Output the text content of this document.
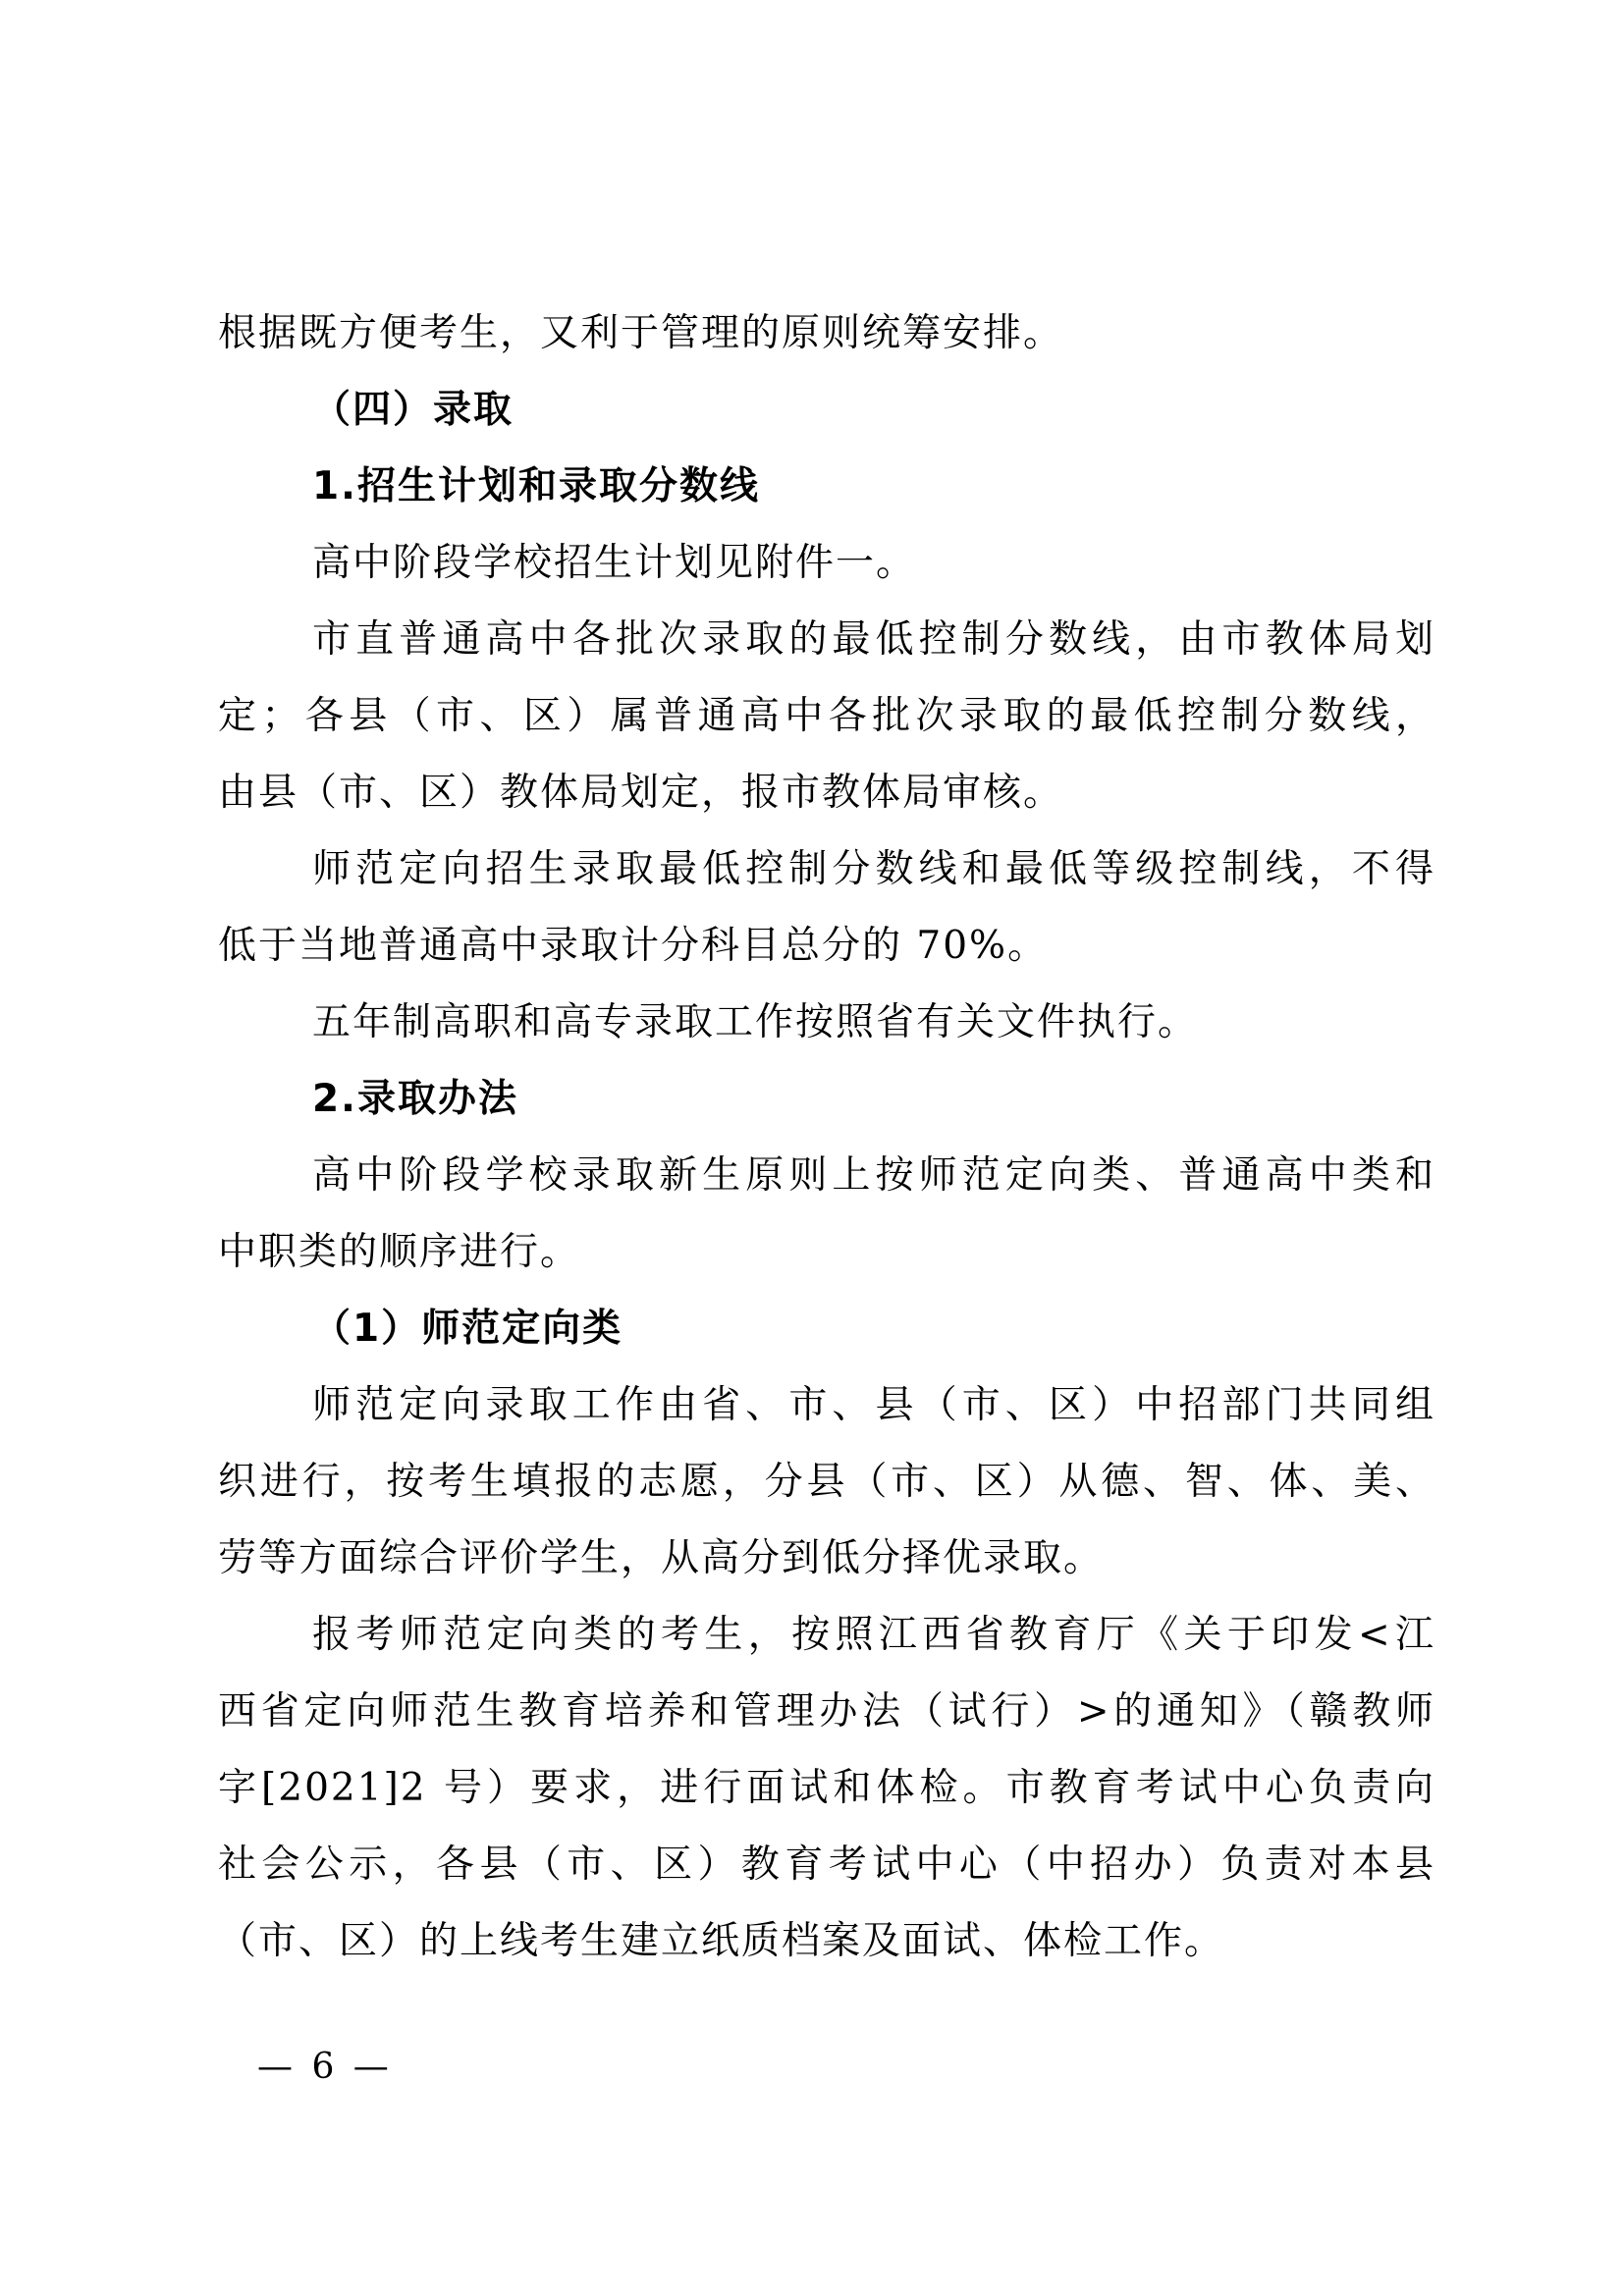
根据既方便考生，又利于管理的原则统筹安排。
（四）录取
1.招生计划和录取分数线
高中阶段学校招生计划见附件一。
市直普通高中各批次录取的最低控制分数线，由市教体局划
定；各县（市、区）属普通高中各批次录取的最低控制分数线，
由县（市、区）教体局划定，报市教体局审核。
师范定向招生录取最低控制分数线和最低等级控制线，不得
低于当地普通高中录取计分科目总分的 70%。
五年制高职和高专录取工作按照省有关文件执行。
2.录取办法
高中阶段学校录取新生原则上按师范定向类、普通高中类和
中职类的顺序进行。
（1）师范定向类
师范定向录取工作由省、市、县（市、区）中招部门共同组
织进行，按考生填报的志愿，分县（市、区）从德、智、体、美、
劳等方面综合评价学生，从高分到低分择优录取。
报考师范定向类的考生，按照江西省教育厅《关于印发<江
西省定向师范生教育培养和管理办法（试行）>的通知》（赣教师
字[2021]2 号）要求，进行面试和体检。市教育考试中心负责向
社会公示，各县（市、区）教育考试中心（中招办）负责对本县
（市、区）的上线考生建立纸质档案及面试、体检工作。
— 6 —
